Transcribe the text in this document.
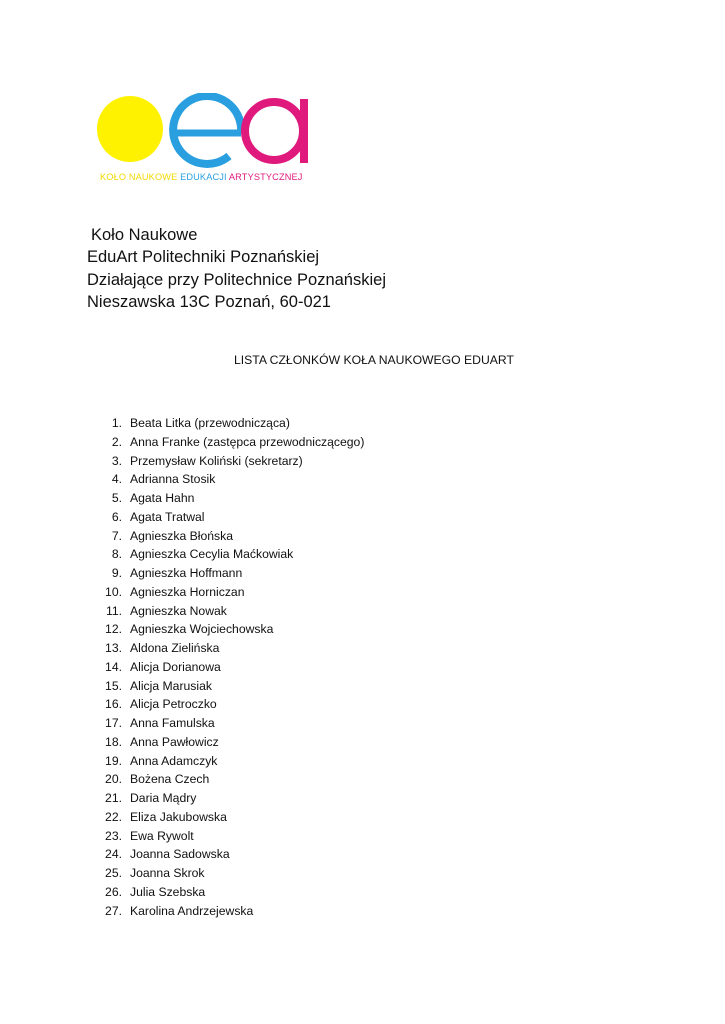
KOŁO NAUKOWE EDUKACJI ARTYSTYCZNEJ
Koło Naukowe
EduArt Politechniki Poznańskiej
Działające przy Politechnice Poznańskiej
Nieszawska 13C Poznań, 60-021
LISTA CZŁONKÓW KOŁA NAUKOWEGO EDUART
1. Beata Litka (przewodnicząca)
2. Anna Franke (zastępca przewodniczącego)
3. Przemysław Koliński (sekretarz)
4. Adrianna Stosik
5. Agata Hahn
6. Agata Tratwal
7. Agnieszka Błońska
8. Agnieszka Cecylia Maćkowiak
9. Agnieszka Hoffmann
10. Agnieszka Horniczan
11. Agnieszka Nowak
12. Agnieszka Wojciechowska
13. Aldona Zielińska
14. Alicja Dorianowa
15. Alicja Marusiak
16. Alicja Petroczko
17. Anna Famulska
18. Anna Pawłowicz
19. Anna Adamczyk
20. Bożena Czech
21. Daria Mądry
22. Eliza Jakubowska
23. Ewa Rywolt
24. Joanna Sadowska
25. Joanna Skrok
26. Julia Szebska
27. Karolina Andrzejewska
